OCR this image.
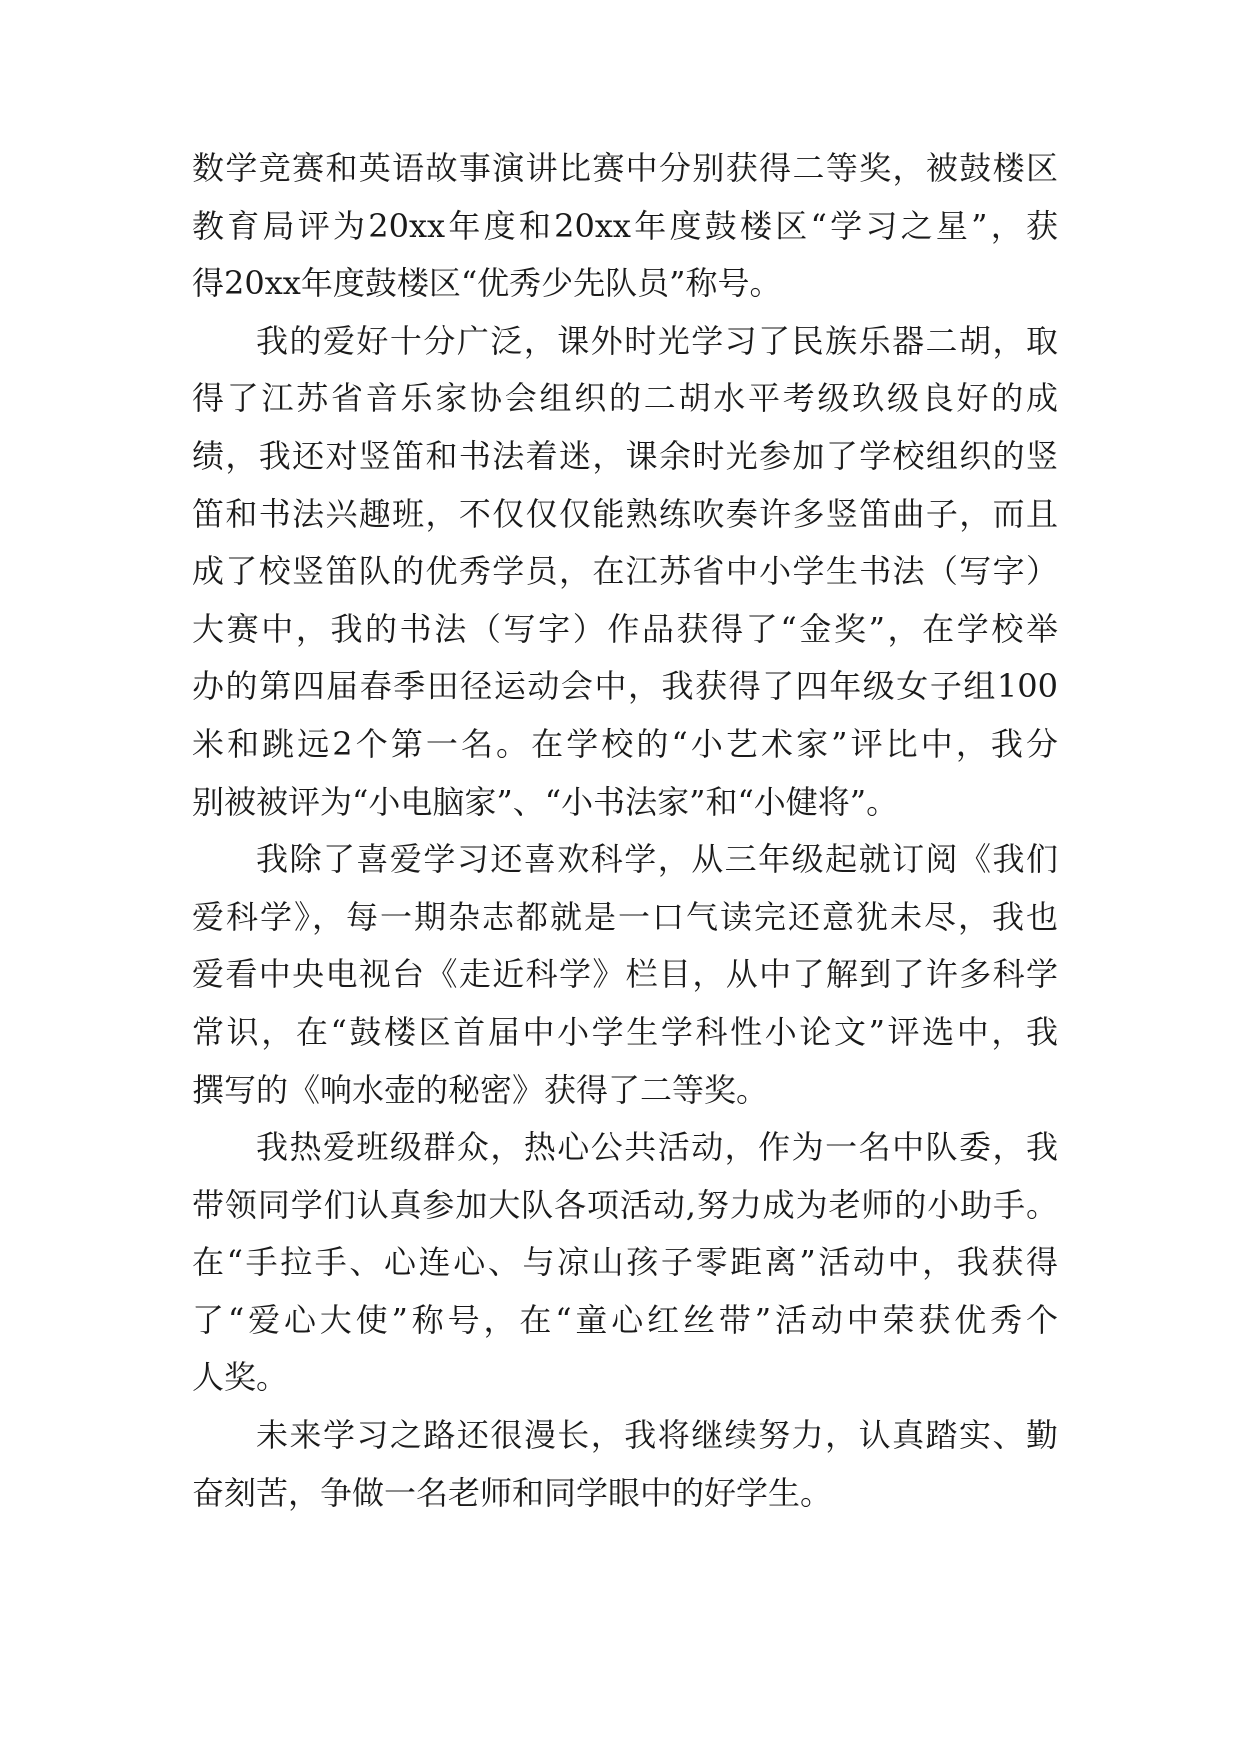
数学竞赛和英语故事演讲比赛中分别获得二等奖，被鼓楼区
教育局评为20xx年度和20xx年度鼓楼区“学习之星”，获
得20xx年度鼓楼区“优秀少先队员”称号。
我的爱好十分广泛，课外时光学习了民族乐器二胡，取
得了江苏省音乐家协会组织的二胡水平考级玖级良好的成
绩，我还对竖笛和书法着迷，课余时光参加了学校组织的竖
笛和书法兴趣班，不仅仅仅能熟练吹奏许多竖笛曲子，而且
成了校竖笛队的优秀学员，在江苏省中小学生书法（写字）
大赛中，我的书法（写字）作品获得了“金奖”，在学校举
办的第四届春季田径运动会中，我获得了四年级女子组100
米和跳远2个第一名。在学校的“小艺术家”评比中，我分
别被被评为“小电脑家”、“小书法家”和“小健将”。
我除了喜爱学习还喜欢科学，从三年级起就订阅《我们
爱科学》，每一期杂志都就是一口气读完还意犹未尽，我也
爱看中央电视台《走近科学》栏目，从中了解到了许多科学
常识，在“鼓楼区首届中小学生学科性小论文”评选中，我
撰写的《响水壶的秘密》获得了二等奖。
我热爱班级群众，热心公共活动，作为一名中队委，我
带领同学们认真参加大队各项活动,努力成为老师的小助手。
在“手拉手、心连心、与凉山孩子零距离”活动中，我获得
了“爱心大使”称号，在“童心红丝带”活动中荣获优秀个
人奖。
未来学习之路还很漫长，我将继续努力，认真踏实、勤
奋刻苦，争做一名老师和同学眼中的好学生。
